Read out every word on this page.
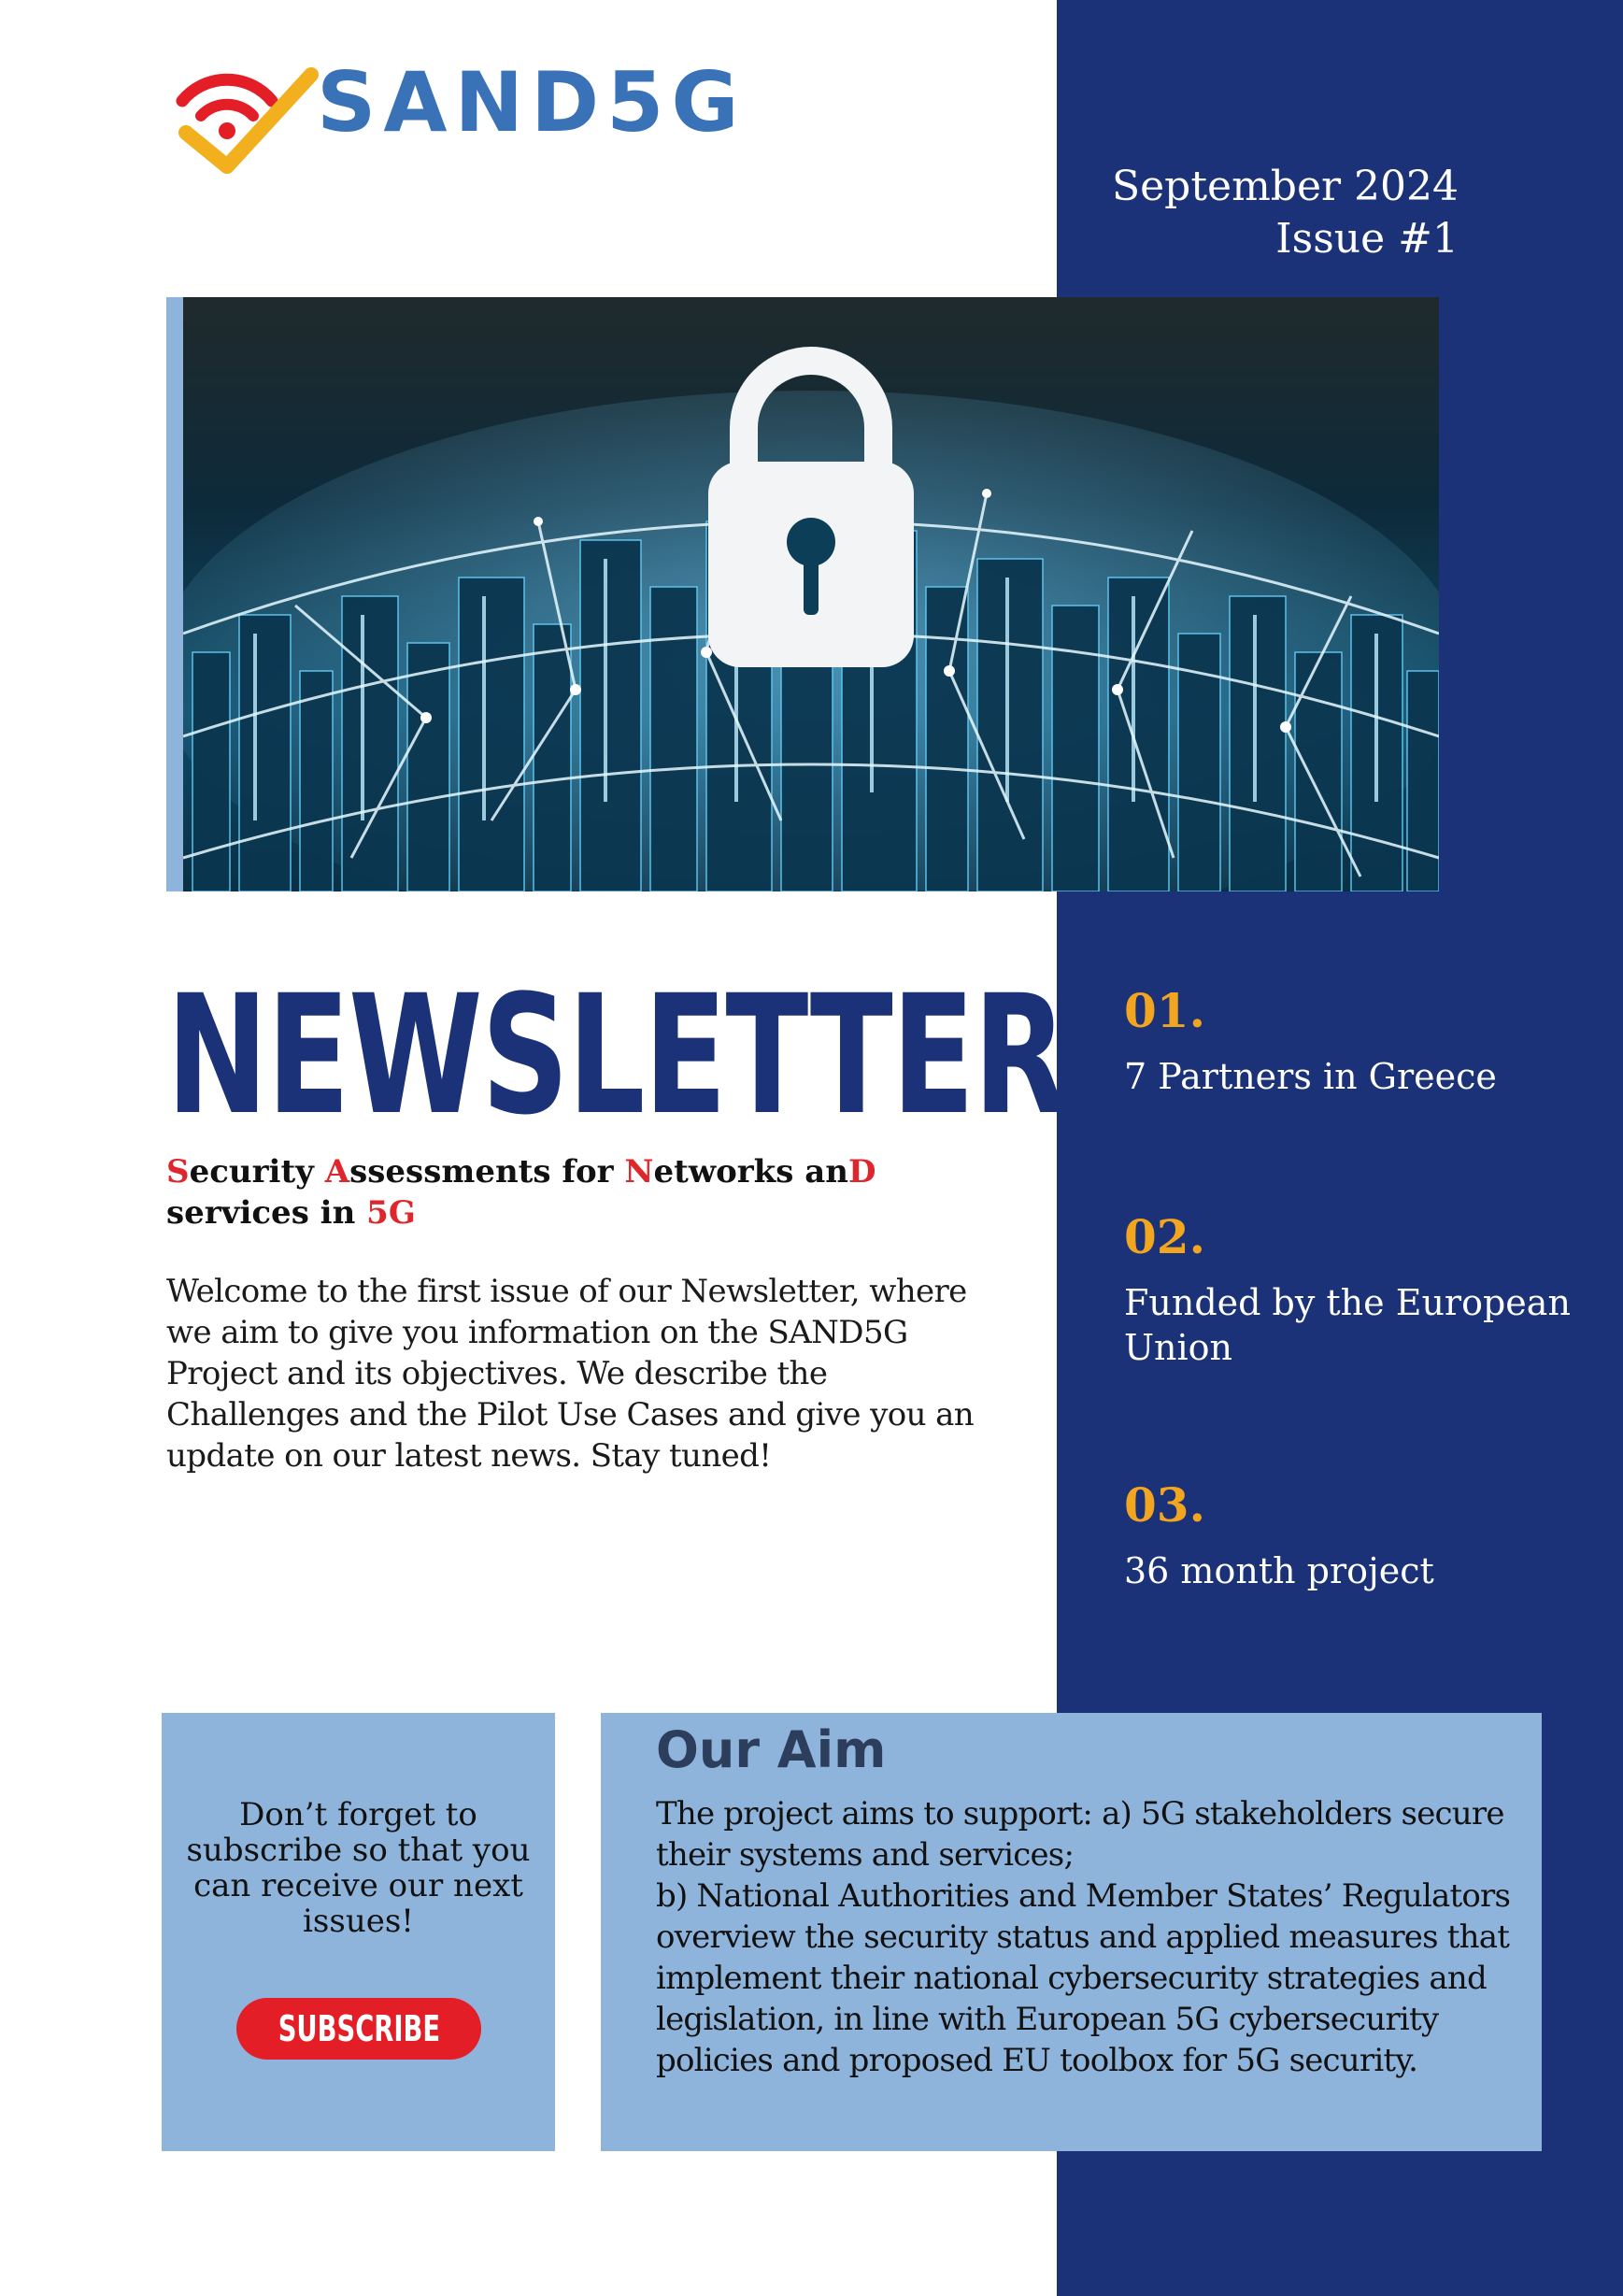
SAND5G
September 2024
Issue #1
NEWSLETTER
Security Assessments for Networks anD
services in 5G
Welcome to the first issue of our Newsletter, where we aim to give you information on the SAND5G Project and its objectives. We describe the Challenges and the Pilot Use Cases and give you an update on our latest news. Stay tuned!
01.
7 Partners in Greece
02.
Funded by the European Union
03.
36 month project
Don’t forget to subscribe so that you can receive our next issues!
SUBSCRIBE
Our Aim
The project aims to support: a) 5G stakeholders secure their systems and services;
b) National Authorities and Member States’ Regulators overview the security status and applied measures that implement their national cybersecurity strategies and legislation, in line with European 5G cybersecurity policies and proposed EU toolbox for 5G security.
